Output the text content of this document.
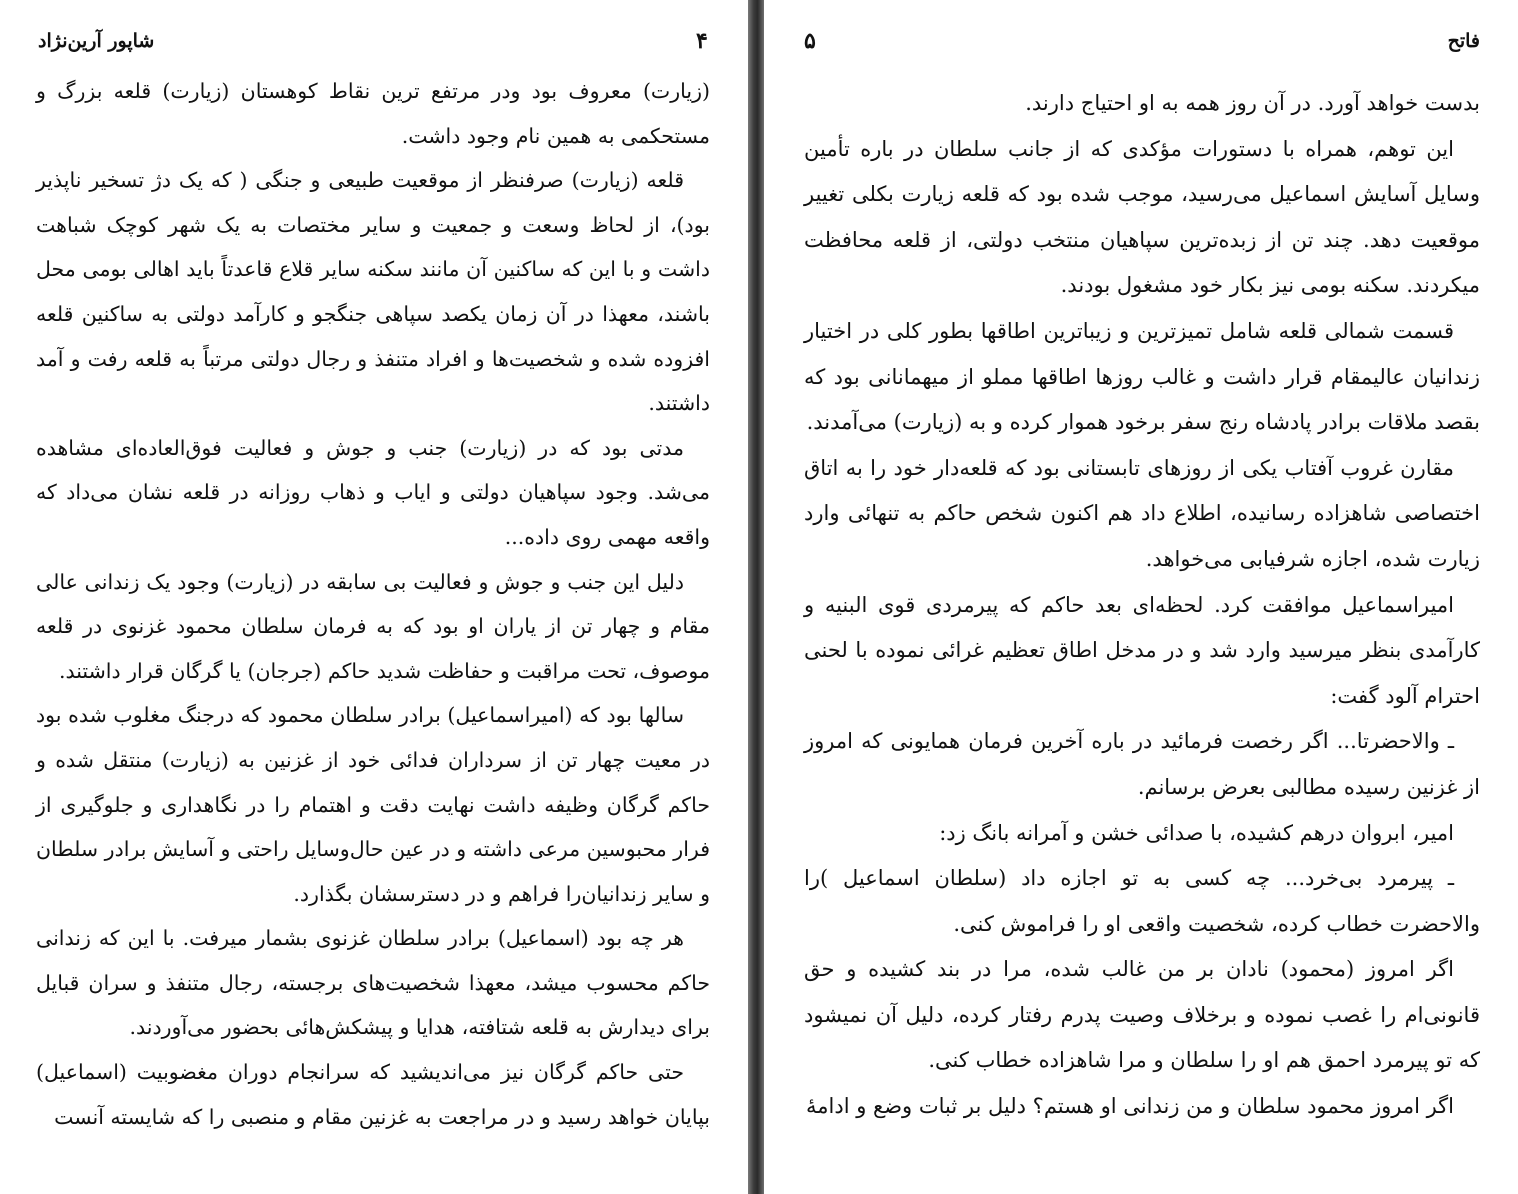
۴
شاپور آرین‌نژاد

(زیارت) معروف بود ودر مرتفع ترین نقاط کوهستان (زیارت) قلعه بزرگ و مستحکمی به همین نام وجود داشت.

قلعه (زیارت) صرفنظر از موقعیت طبیعی و جنگی ( که یک دژ تسخیر ناپذیر بود)، از لحاظ وسعت و جمعیت و سایر مختصات به یک شهر کوچک شباهت داشت و با این که ساکنین آن مانند سکنه سایر قلاع قاعدتاً باید اهالی بومی محل باشند، معهذا در آن زمان یکصد سپاهی جنگجو و کارآمد دولتی به ساکنین قلعه افزوده شده و شخصیت‌ها و افراد متنفذ و رجال دولتی مرتباً به قلعه رفت و آمد داشتند.

مدتی بود که در (زیارت) جنب و جوش و فعالیت فوق‌العاده‌ای مشاهده می‌شد. وجود سپاهیان دولتی و ایاب و ذهاب روزانه در قلعه نشان می‌داد که واقعه مهمی روی داده...

دلیل این جنب و جوش و فعالیت بی سابقه در (زیارت) وجود یک زندانی عالی مقام و چهار تن از یاران او بود که به فرمان سلطان محمود غزنوی در قلعه موصوف، تحت مراقبت و حفاظت شدید حاکم (جرجان) یا گرگان قرار داشتند.

سالها بود که (امیراسماعیل) برادر سلطان محمود که درجنگ مغلوب شده بود در معیت چهار تن از سرداران فدائی خود از غزنین به (زیارت) منتقل شده و حاکم گرگان وظیفه داشت نهایت دقت و اهتمام را در نگاهداری و جلوگیری از فرار محبوسین مرعی داشته و در عین حال‌وسایل راحتی و آسایش برادر سلطان و سایر زندانیان‌را فراهم و در دسترسشان بگذارد.

هر چه بود (اسماعیل) برادر سلطان غزنوی بشمار میرفت. با این که زندانی حاکم محسوب میشد، معهذا شخصیت‌های برجسته، رجال متنفذ و سران قبایل برای دیدارش به قلعه شتافته، هدایا و پیشکش‌هائی بحضور می‌آوردند.

حتی حاکم گرگان نیز می‌اندیشید که سرانجام دوران مغضوبیت (اسماعیل) بپایان خواهد رسید و در مراجعت به غزنین مقام و منصبی را که شایسته آنست

۵	فاتح

بدست خواهد آورد. در آن روز همه به او احتیاج دارند.

این توهم، همراه با دستورات مؤکدی که از جانب سلطان در باره تأمین وسایل آسایش اسماعیل می‌رسید، موجب شده بود که قلعه زیارت بکلی تغییر موقعیت دهد. چند تن از زبده‌ترین سپاهیان منتخب دولتی، از قلعه محافظت میکردند. سکنه بومی نیز بکار خود مشغول بودند.

قسمت شمالی قلعه شامل تمیزترین و زیباترین اطاقها بطور کلی در اختیار زندانیان عالیمقام قرار داشت و غالب روزها اطاقها مملو از میهمانانی بود که بقصد ملاقات برادر پادشاه رنج سفر برخود هموار کرده و به (زیارت) می‌آمدند.

مقارن غروب آفتاب یکی از روزهای تابستانی بود که قلعه‌دار خود را به اتاق اختصاصی شاهزاده رسانیده، اطلاع داد هم اکنون شخص حاکم به تنهائی وارد زیارت شده، اجازه شرفیابی می‌خواهد.

امیراسماعیل موافقت کرد. لحظه‌ای بعد حاکم که پیرمردی قوی البنیه و کارآمدی بنظر میرسید وارد شد و در مدخل اطاق تعظیم غرائی نموده با لحنی احترام آلود گفت:

ـ والاحضرتا... اگر رخصت فرمائید در باره آخرین فرمان همایونی که امروز از غزنین رسیده مطالبی بعرض برسانم.

امیر، ابروان درهم کشیده، با صدائی خشن و آمرانه بانگ زد:

ـ پیرمرد بی‌خرد... چه کسی به تو اجازه داد (سلطان اسماعیل )را والاحضرت خطاب کرده، شخصیت واقعی او را فراموش کنی.

اگر امروز (محمود) نادان بر من غالب شده، مرا در بند کشیده و حق قانونی‌ام را غصب نموده و برخلاف وصیت پدرم رفتار کرده، دلیل آن نمیشود که تو پیرمرد احمق هم او را سلطان و مرا شاهزاده خطاب کنی.

اگر امروز محمود سلطان و من زندانی او هستم؟ دلیل بر ثبات وضع و ادامهٔ
